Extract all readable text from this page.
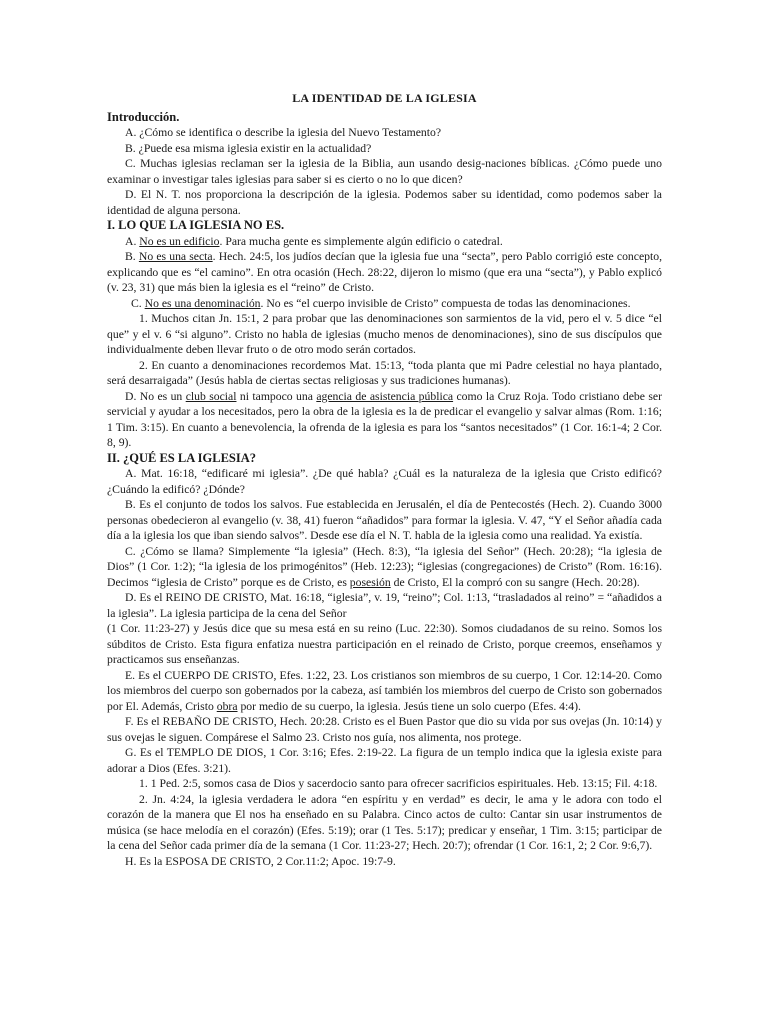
LA IDENTIDAD DE LA IGLESIA
Introducción.

A. ¿Cómo se identifica o describe la iglesia del Nuevo Testamento?

B. ¿Puede esa misma iglesia existir en la actualidad?

C. Muchas iglesias reclaman ser la iglesia de la Biblia, aun usando desig-naciones bíblicas. ¿Cómo puede uno examinar o investigar tales iglesias para saber si es cierto o no lo que dicen?

D. El N. T. nos proporciona la descripción de la iglesia. Podemos saber su identidad, como podemos saber la identidad de alguna persona.

I. LO QUE LA IGLESIA NO ES.

A. No es un edificio. Para mucha gente es simplemente algún edificio o catedral.

B. No es una secta. Hech. 24:5, los judíos decían que la iglesia fue una “secta”, pero Pablo corrigió este concepto, explicando que es “el camino”. En otra ocasión (Hech. 28:22, dijeron lo mismo (que era una “secta”), y Pablo explicó (v. 23, 31) que más bien la iglesia es el “reino” de Cristo.

C. No es una denominación. No es “el cuerpo invisible de Cristo” compuesta de todas las denominaciones.

1. Muchos citan Jn. 15:1, 2 para probar que las denominaciones son sarmientos de la vid, pero el v. 5 dice “el que” y el v. 6 “si alguno”. Cristo no habla de iglesias (mucho menos de denominaciones), sino de sus discípulos que individualmente deben llevar fruto o de otro modo serán cortados.

2. En cuanto a denominaciones recordemos Mat. 15:13, “toda planta que mi Padre celestial no haya plantado, será desarraigada” (Jesús habla de ciertas sectas religiosas y sus tradiciones humanas).

D. No es un club social ni tampoco una agencia de asistencia pública como la Cruz Roja. Todo cristiano debe ser servicial y ayudar a los necesitados, pero la obra de la iglesia es la de predicar el evangelio y salvar almas (Rom. 1:16; 1 Tim. 3:15). En cuanto a benevolencia, la ofrenda de la iglesia es para los “santos necesitados” (1 Cor. 16:1-4; 2 Cor. 8, 9).

II. ¿QUÉ ES LA IGLESIA?

A. Mat. 16:18, “edificaré mi iglesia”. ¿De qué habla? ¿Cuál es la naturaleza de la iglesia que Cristo edificó? ¿Cuándo la edificó? ¿Dónde?

B. Es el conjunto de todos los salvos. Fue establecida en Jerusalén, el día de Pentecostés (Hech. 2). Cuando 3000 personas obedecieron al evangelio (v. 38, 41) fueron “añadidos” para formar la iglesia. V. 47, “Y el Señor añadía cada día a la iglesia los que iban siendo salvos”. Desde ese día el N. T. habla de la iglesia como una realidad. Ya existía.

C. ¿Cómo se llama? Simplemente “la iglesia” (Hech. 8:3), “la iglesia del Señor” (Hech. 20:28); “la iglesia de Dios” (1 Cor. 1:2); “la iglesia de los primogénitos” (Heb. 12:23); “iglesias (congregaciones) de Cristo” (Rom. 16:16). Decimos “iglesia de Cristo” porque es de Cristo, es posesión de Cristo, El la compró con su sangre (Hech. 20:28).

D. Es el REINO DE CRISTO, Mat. 16:18, “iglesia”, v. 19, “reino”; Col. 1:13, “trasladados al reino” = “añadidos a la iglesia”. La iglesia participa de la cena del Señor

(1 Cor. 11:23-27) y Jesús dice que su mesa está en su reino (Luc. 22:30). Somos ciudadanos de su reino. Somos los súbditos de Cristo. Esta figura enfatiza nuestra participación en el reinado de Cristo, porque creemos, enseñamos y practicamos sus enseñanzas.

E. Es el CUERPO DE CRISTO, Efes. 1:22, 23. Los cristianos son miembros de su cuerpo, 1 Cor. 12:14-20. Como los miembros del cuerpo son gobernados por la cabeza, así también los miembros del cuerpo de Cristo son gobernados por El. Además, Cristo obra por medio de su cuerpo, la iglesia. Jesús tiene un solo cuerpo (Efes. 4:4).

F. Es el REBAÑO DE CRISTO, Hech. 20:28. Cristo es el Buen Pastor que dio su vida por sus ovejas (Jn. 10:14) y sus ovejas le siguen. Compárese el Salmo 23. Cristo nos guía, nos alimenta, nos protege.

G. Es el TEMPLO DE DIOS, 1 Cor. 3:16; Efes. 2:19-22. La figura de un templo indica que la iglesia existe para adorar a Dios (Efes. 3:21).

1. 1 Ped. 2:5, somos casa de Dios y sacerdocio santo para ofrecer sacrificios espirituales. Heb. 13:15; Fil. 4:18.

2. Jn. 4:24, la iglesia verdadera le adora “en espíritu y en verdad” es decir, le ama y le adora con todo el corazón de la manera que El nos ha enseñado en su Palabra. Cinco actos de culto: Cantar sin usar instrumentos de música (se hace melodía en el corazón) (Efes. 5:19); orar (1 Tes. 5:17); predicar y enseñar, 1 Tim. 3:15; participar de la cena del Señor cada primer día de la semana (1 Cor. 11:23-27; Hech. 20:7); ofrendar (1 Cor. 16:1, 2; 2 Cor. 9:6,7).

H. Es la ESPOSA DE CRISTO, 2 Cor.11:2; Apoc. 19:7-9.
